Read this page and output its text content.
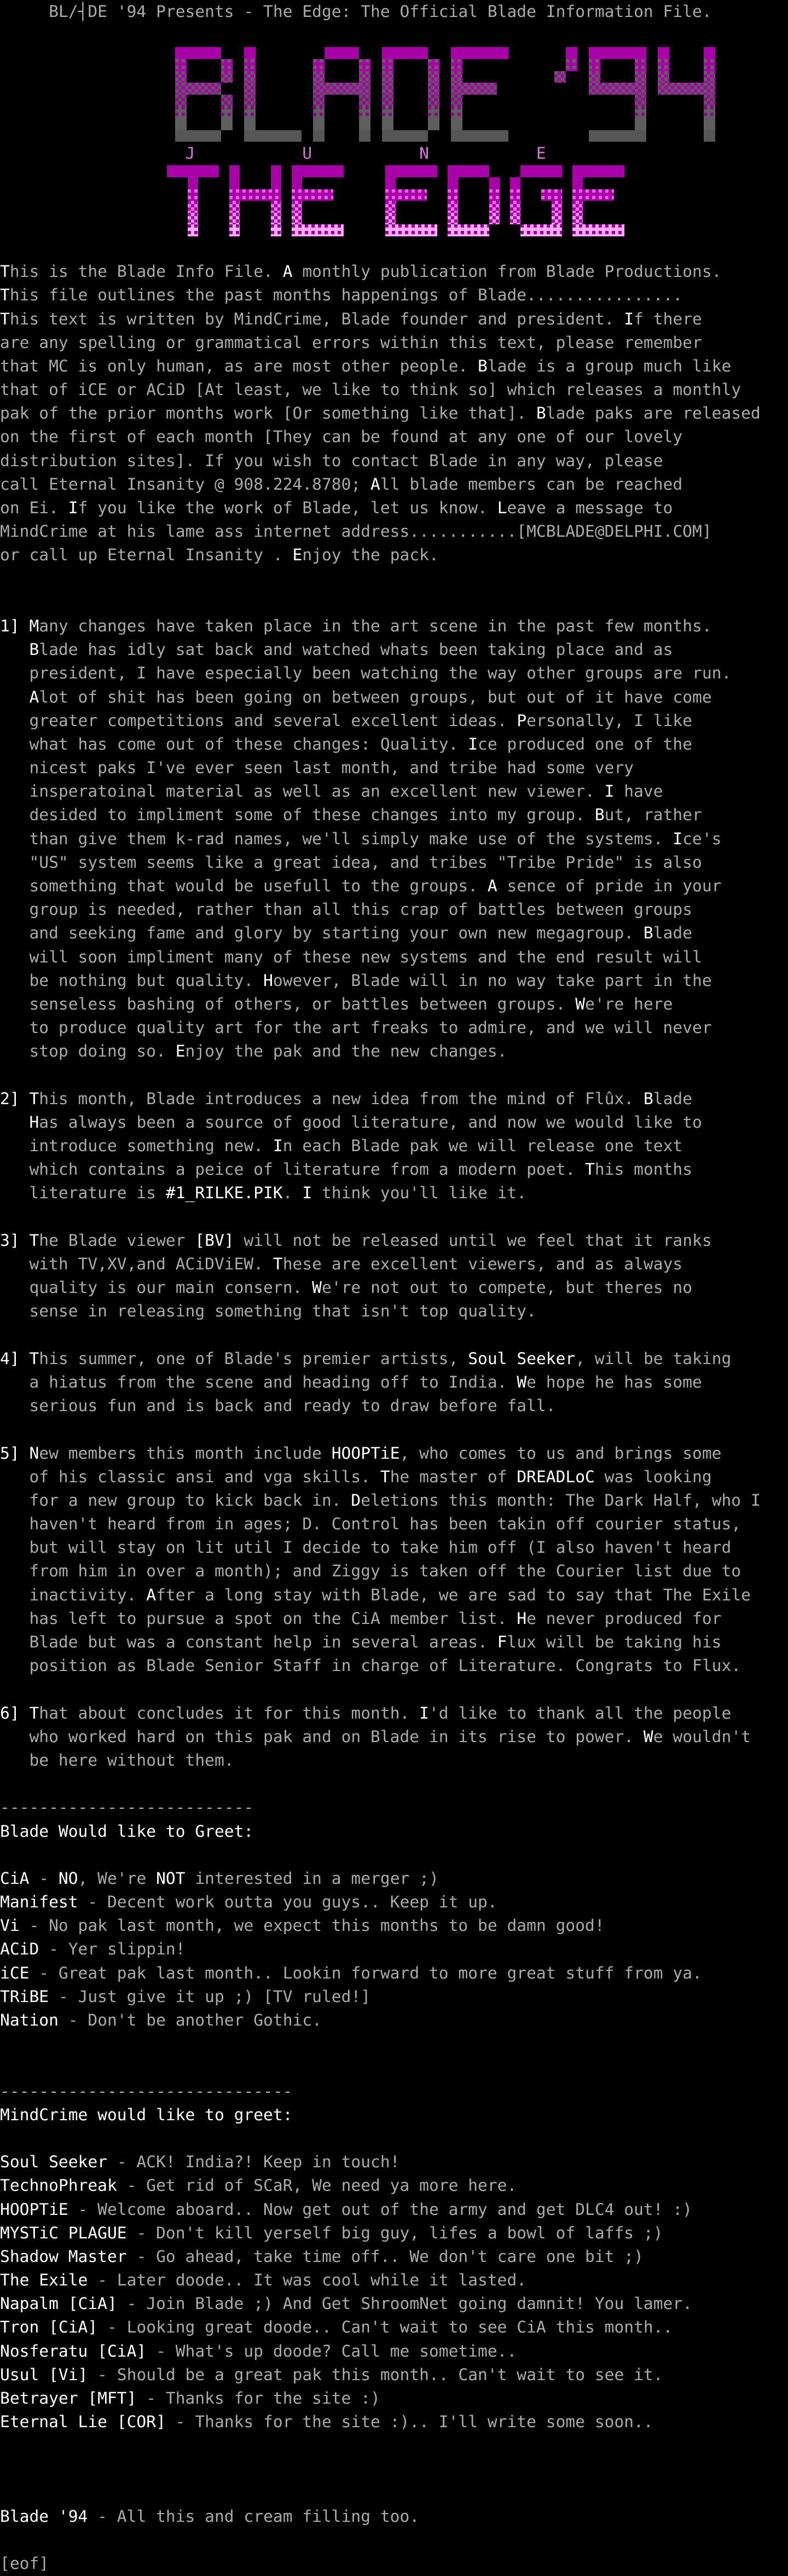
BL/┤DE '94 Presents - The Edge: The Official Blade Information File.
J           U           N           E
This is the Blade Info File. A monthly publication from Blade Productions.
This file outlines the past months happenings of Blade................
This text is written by MindCrime, Blade founder and president. If there
are any spelling or grammatical errors within this text, please remember
that MC is only human, as are most other people. Blade is a group much like
that of iCE or ACiD [At least, we like to think so] which releases a monthly
pak of the prior months work [Or something like that]. Blade paks are released
on the first of each month [They can be found at any one of our lovely
distribution sites]. If you wish to contact Blade in any way, please
call Eternal Insanity @ 908.224.8780; All blade members can be reached
on Ei. If you like the work of Blade, let us know. Leave a message to
MindCrime at his lame ass internet address...........[MCBLADE@DELPHI.COM]
or call up Eternal Insanity . Enjoy the pack.
1] Many changes have taken place in the art scene in the past few months.
Blade has idly sat back and watched whats been taking place and as
president, I have especially been watching the way other groups are run.
Alot of shit has been going on between groups, but out of it have come
greater competitions and several excellent ideas. Personally, I like
what has come out of these changes: Quality. Ice produced one of the
nicest paks I've ever seen last month, and tribe had some very
insperatoinal material as well as an excellent new viewer. I have
desided to impliment some of these changes into my group. But, rather
than give them k-rad names, we'll simply make use of the systems. Ice's
"US" system seems like a great idea, and tribes "Tribe Pride" is also
something that would be usefull to the groups. A sence of pride in your
group is needed, rather than all this crap of battles between groups
and seeking fame and glory by starting your own new megagroup. Blade
will soon impliment many of these new systems and the end result will
be nothing but quality. However, Blade will in no way take part in the
senseless bashing of others, or battles between groups. We're here
to produce quality art for the art freaks to admire, and we will never
stop doing so. Enjoy the pak and the new changes.
2] This month, Blade introduces a new idea from the mind of Flûx. Blade
Has always been a source of good literature, and now we would like to
introduce something new. In each Blade pak we will release one text
which contains a peice of literature from a modern poet. This months
literature is #1_RILKE.PIK. I think you'll like it.
3] The Blade viewer [BV] will not be released until we feel that it ranks
with TV,XV,and ACiDViEW. These are excellent viewers, and as always
quality is our main consern. We're not out to compete, but theres no
sense in releasing something that isn't top quality.
4] This summer, one of Blade's premier artists, Soul Seeker, will be taking
a hiatus from the scene and heading off to India. We hope he has some
serious fun and is back and ready to draw before fall.
5] New members this month include HOOPTiE, who comes to us and brings some
of his classic ansi and vga skills. The master of DREADLoC was looking
for a new group to kick back in. Deletions this month: The Dark Half, who I
haven't heard from in ages; D. Control has been takin off courier status,
but will stay on lit util I decide to take him off (I also haven't heard
from him in over a month); and Ziggy is taken off the Courier list due to
inactivity. After a long stay with Blade, we are sad to say that The Exile
has left to pursue a spot on the CiA member list. He never produced for
Blade but was a constant help in several areas. Flux will be taking his
position as Blade Senior Staff in charge of Literature. Congrats to Flux.
6] That about concludes it for this month. I'd like to thank all the people
who worked hard on this pak and on Blade in its rise to power. We wouldn't
be here without them.
--------------------------
Blade Would like to Greet:
CiA - NO, We're NOT interested in a merger ;)
Manifest - Decent work outta you guys.. Keep it up.
Vi - No pak last month, we expect this months to be damn good!
ACiD - Yer slippin!
iCE - Great pak last month.. Lookin forward to more great stuff from ya.
TRiBE - Just give it up ;) [TV ruled!]
Nation - Don't be another Gothic.
------------------------------
MindCrime would like to greet:
Soul Seeker - ACK! India?! Keep in touch!
TechnoPhreak - Get rid of SCaR, We need ya more here.
HOOPTiE - Welcome aboard.. Now get out of the army and get DLC4 out! :)
MYSTiC PLAGUE - Don't kill yerself big guy, lifes a bowl of laffs ;)
Shadow Master - Go ahead, take time off.. We don't care one bit ;)
The Exile - Later doode.. It was cool while it lasted.
Napalm [CiA] - Join Blade ;) And Get ShroomNet going damnit! You lamer.
Tron [CiA] - Looking great doode.. Can't wait to see CiA this month..
Nosferatu [CiA] - What's up doode? Call me sometime..
Usul [Vi] - Should be a great pak this month.. Can't wait to see it.
Betrayer [MFT] - Thanks for the site :)
Eternal Lie [COR] - Thanks for the site :).. I'll write some soon..
Blade '94 - All this and cream filling too.
[eof]
